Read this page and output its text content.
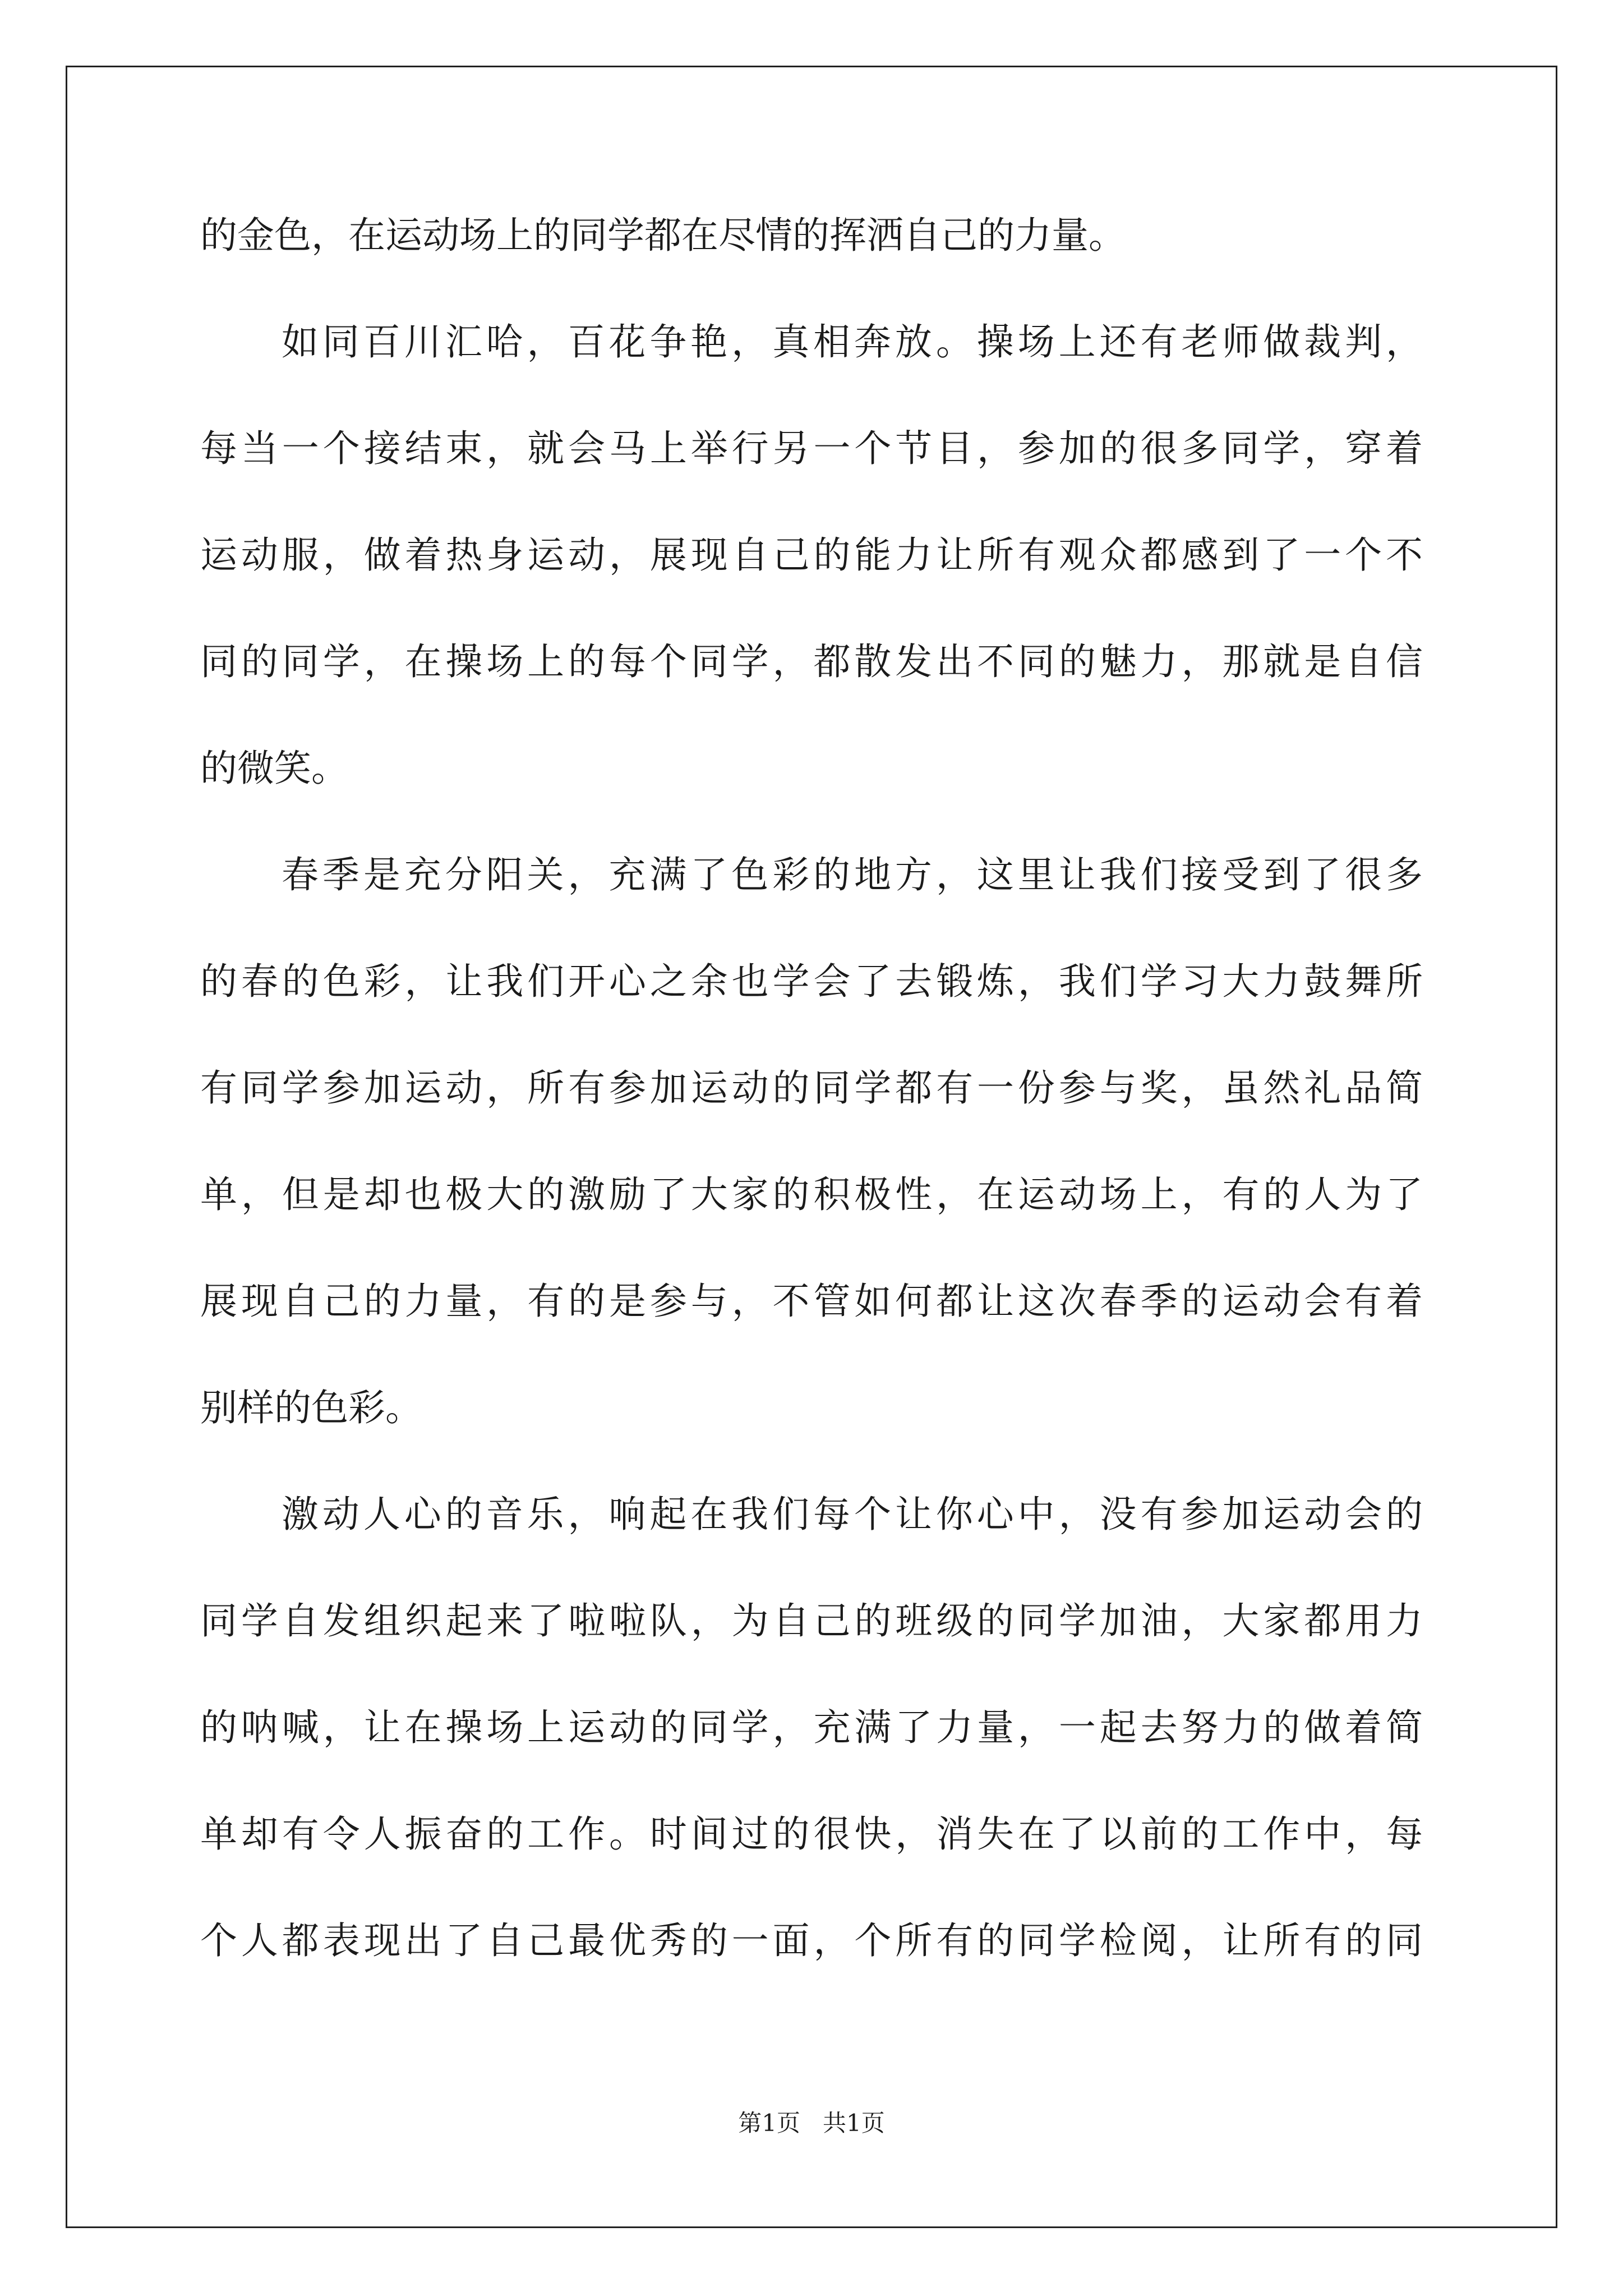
的金色，在运动场上的同学都在尽情的挥洒自己的力量。
如同百川汇哈，百花争艳，真相奔放。操场上还有老师做裁判，
每当一个接结束，就会马上举行另一个节目，参加的很多同学，穿着
运动服，做着热身运动，展现自己的能力让所有观众都感到了一个不
同的同学，在操场上的每个同学，都散发出不同的魅力，那就是自信
的微笑。
春季是充分阳关，充满了色彩的地方，这里让我们接受到了很多
的春的色彩，让我们开心之余也学会了去锻炼，我们学习大力鼓舞所
有同学参加运动，所有参加运动的同学都有一份参与奖，虽然礼品简
单，但是却也极大的激励了大家的积极性，在运动场上，有的人为了
展现自己的力量，有的是参与，不管如何都让这次春季的运动会有着
别样的色彩。
激动人心的音乐，响起在我们每个让你心中，没有参加运动会的
同学自发组织起来了啦啦队，为自己的班级的同学加油，大家都用力
的呐喊，让在操场上运动的同学，充满了力量，一起去努力的做着简
单却有令人振奋的工作。时间过的很快，消失在了以前的工作中，每
个人都表现出了自己最优秀的一面，个所有的同学检阅，让所有的同
第1页   共1页
